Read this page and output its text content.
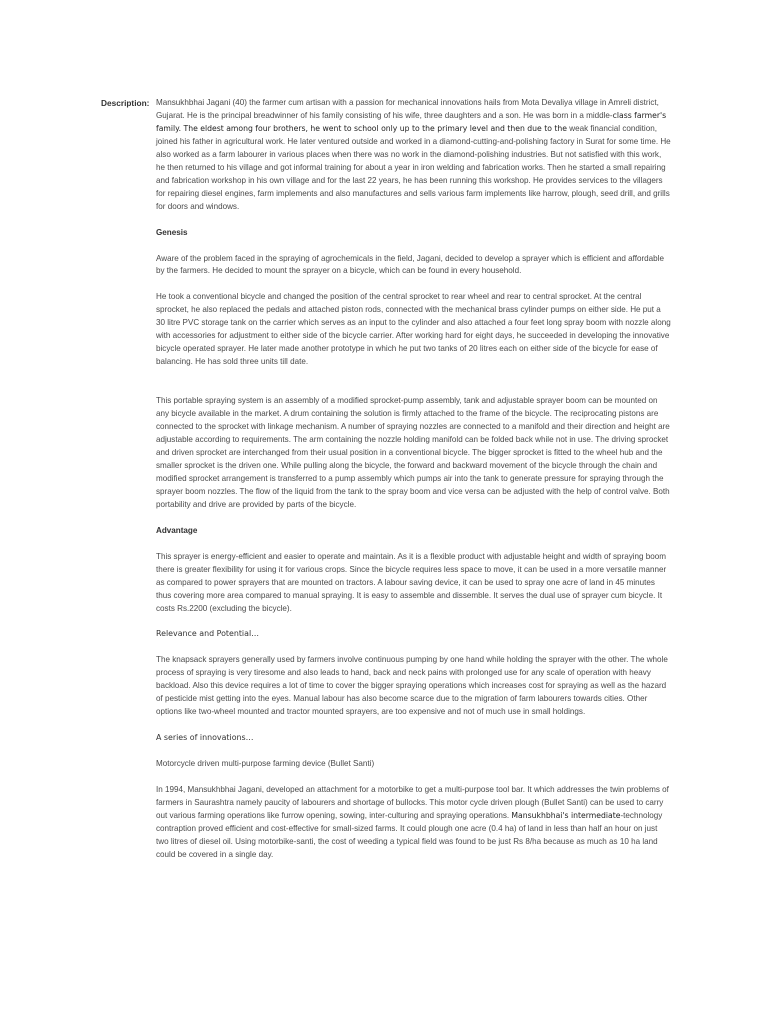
Description: Mansukhbhai Jagani (40) the farmer cum artisan with a passion for mechanical innovations hails from Mota Devaliya village in Amreli district, Gujarat. He is the principal breadwinner of his family consisting of his wife, three daughters and a son. He was born in a middle-class farmer's family. The eldest among four brothers, he went to school only up to the primary level and then due to the weak financial condition, joined his father in agricultural work. He later ventured outside and worked in a diamond-cutting-and-polishing factory in Surat for some time. He also worked as a farm labourer in various places when there was no work in the diamond-polishing industries. But not satisfied with this work, he then returned to his village and got informal training for about a year in iron welding and fabrication works. Then he started a small repairing and fabrication workshop in his own village and for the last 22 years, he has been running this workshop. He provides services to the villagers for repairing diesel engines, farm implements and also manufactures and sells various farm implements like harrow, plough, seed drill, and grills for doors and windows.

Genesis

Aware of the problem faced in the spraying of agrochemicals in the field, Jagani, decided to develop a sprayer which is efficient and affordable by the farmers. He decided to mount the sprayer on a bicycle, which can be found in every household.

He took a conventional bicycle and changed the position of the central sprocket to rear wheel and rear to central sprocket. At the central sprocket, he also replaced the pedals and attached piston rods, connected with the mechanical brass cylinder pumps on either side. He put a 30 litre PVC storage tank on the carrier which serves as an input to the cylinder and also attached a four feet long spray boom with nozzle along with accessories for adjustment to either side of the bicycle carrier. After working hard for eight days, he succeeded in developing the innovative bicycle operated sprayer. He later made another prototype in which he put two tanks of 20 litres each on either side of the bicycle for ease of balancing. He has sold three units till date.

This portable spraying system is an assembly of a modified sprocket-pump assembly, tank and adjustable sprayer boom can be mounted on any bicycle available in the market. A drum containing the solution is firmly attached to the frame of the bicycle. The reciprocating pistons are connected to the sprocket with linkage mechanism. A number of spraying nozzles are connected to a manifold and their direction and height are adjustable according to requirements. The arm containing the nozzle holding manifold can be folded back while not in use. The driving sprocket and driven sprocket are interchanged from their usual position in a conventional bicycle. The bigger sprocket is fitted to the wheel hub and the smaller sprocket is the driven one. While pulling along the bicycle, the forward and backward movement of the bicycle through the chain and modified sprocket arrangement is transferred to a pump assembly which pumps air into the tank to generate pressure for spraying through the sprayer boom nozzles. The flow of the liquid from the tank to the spray boom and vice versa can be adjusted with the help of control valve. Both portability and drive are provided by parts of the bicycle.

Advantage

This sprayer is energy-efficient and easier to operate and maintain. As it is a flexible product with adjustable height and width of spraying boom there is greater flexibility for using it for various crops. Since the bicycle requires less space to move, it can be used in a more versatile manner as compared to power sprayers that are mounted on tractors. A labour saving device, it can be used to spray one acre of land in 45 minutes thus covering more area compared to manual spraying. It is easy to assemble and dissemble. It serves the dual use of sprayer cum bicycle. It costs Rs.2200 (excluding the bicycle).

Relevance and Potential…

The knapsack sprayers generally used by farmers involve continuous pumping by one hand while holding the sprayer with the other. The whole process of spraying is very tiresome and also leads to hand, back and neck pains with prolonged use for any scale of operation with heavy backload. Also this device requires a lot of time to cover the bigger spraying operations which increases cost for spraying as well as the hazard of pesticide mist getting into the eyes. Manual labour has also become scarce due to the migration of farm labourers towards cities. Other options like two-wheel mounted and tractor mounted sprayers, are too expensive and not of much use in small holdings.

A series of innovations…

Motorcycle driven multi-purpose farming device (Bullet Santi)

In 1994, Mansukhbhai Jagani, developed an attachment for a motorbike to get a multi-purpose tool bar. It which addresses the twin problems of farmers in Saurashtra namely paucity of labourers and shortage of bullocks. This motor cycle driven plough (Bullet Santi) can be used to carry out various farming operations like furrow opening, sowing, inter-culturing and spraying operations. Mansukhbhai's intermediate-technology contraption proved efficient and cost-effective for small-sized farms. It could plough one acre (0.4 ha) of land in less than half an hour on just two litres of diesel oil. Using motorbike-santi, the cost of weeding a typical field was found to be just Rs 8/ha because as much as 10 ha land could be covered in a single day.
